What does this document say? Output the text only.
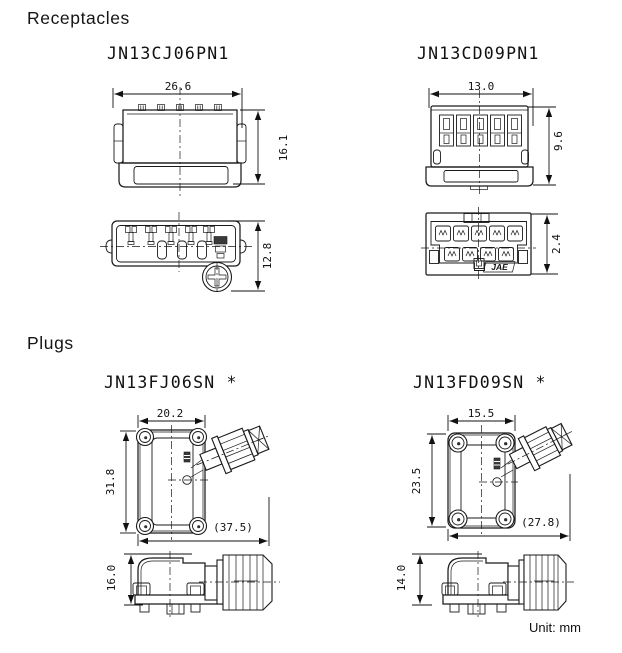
Receptacles
Plugs
JN13CJ06PN1	JN13CD09PN1
JN13FJ06SN *	JN13FD09SN *
26.6
16.1
12.8
13.0
9.6
JAE
2.4
20.2
31.8
(37.5)
16.0
15.5
23.5
(27.8)
14.0
Unit: mm
